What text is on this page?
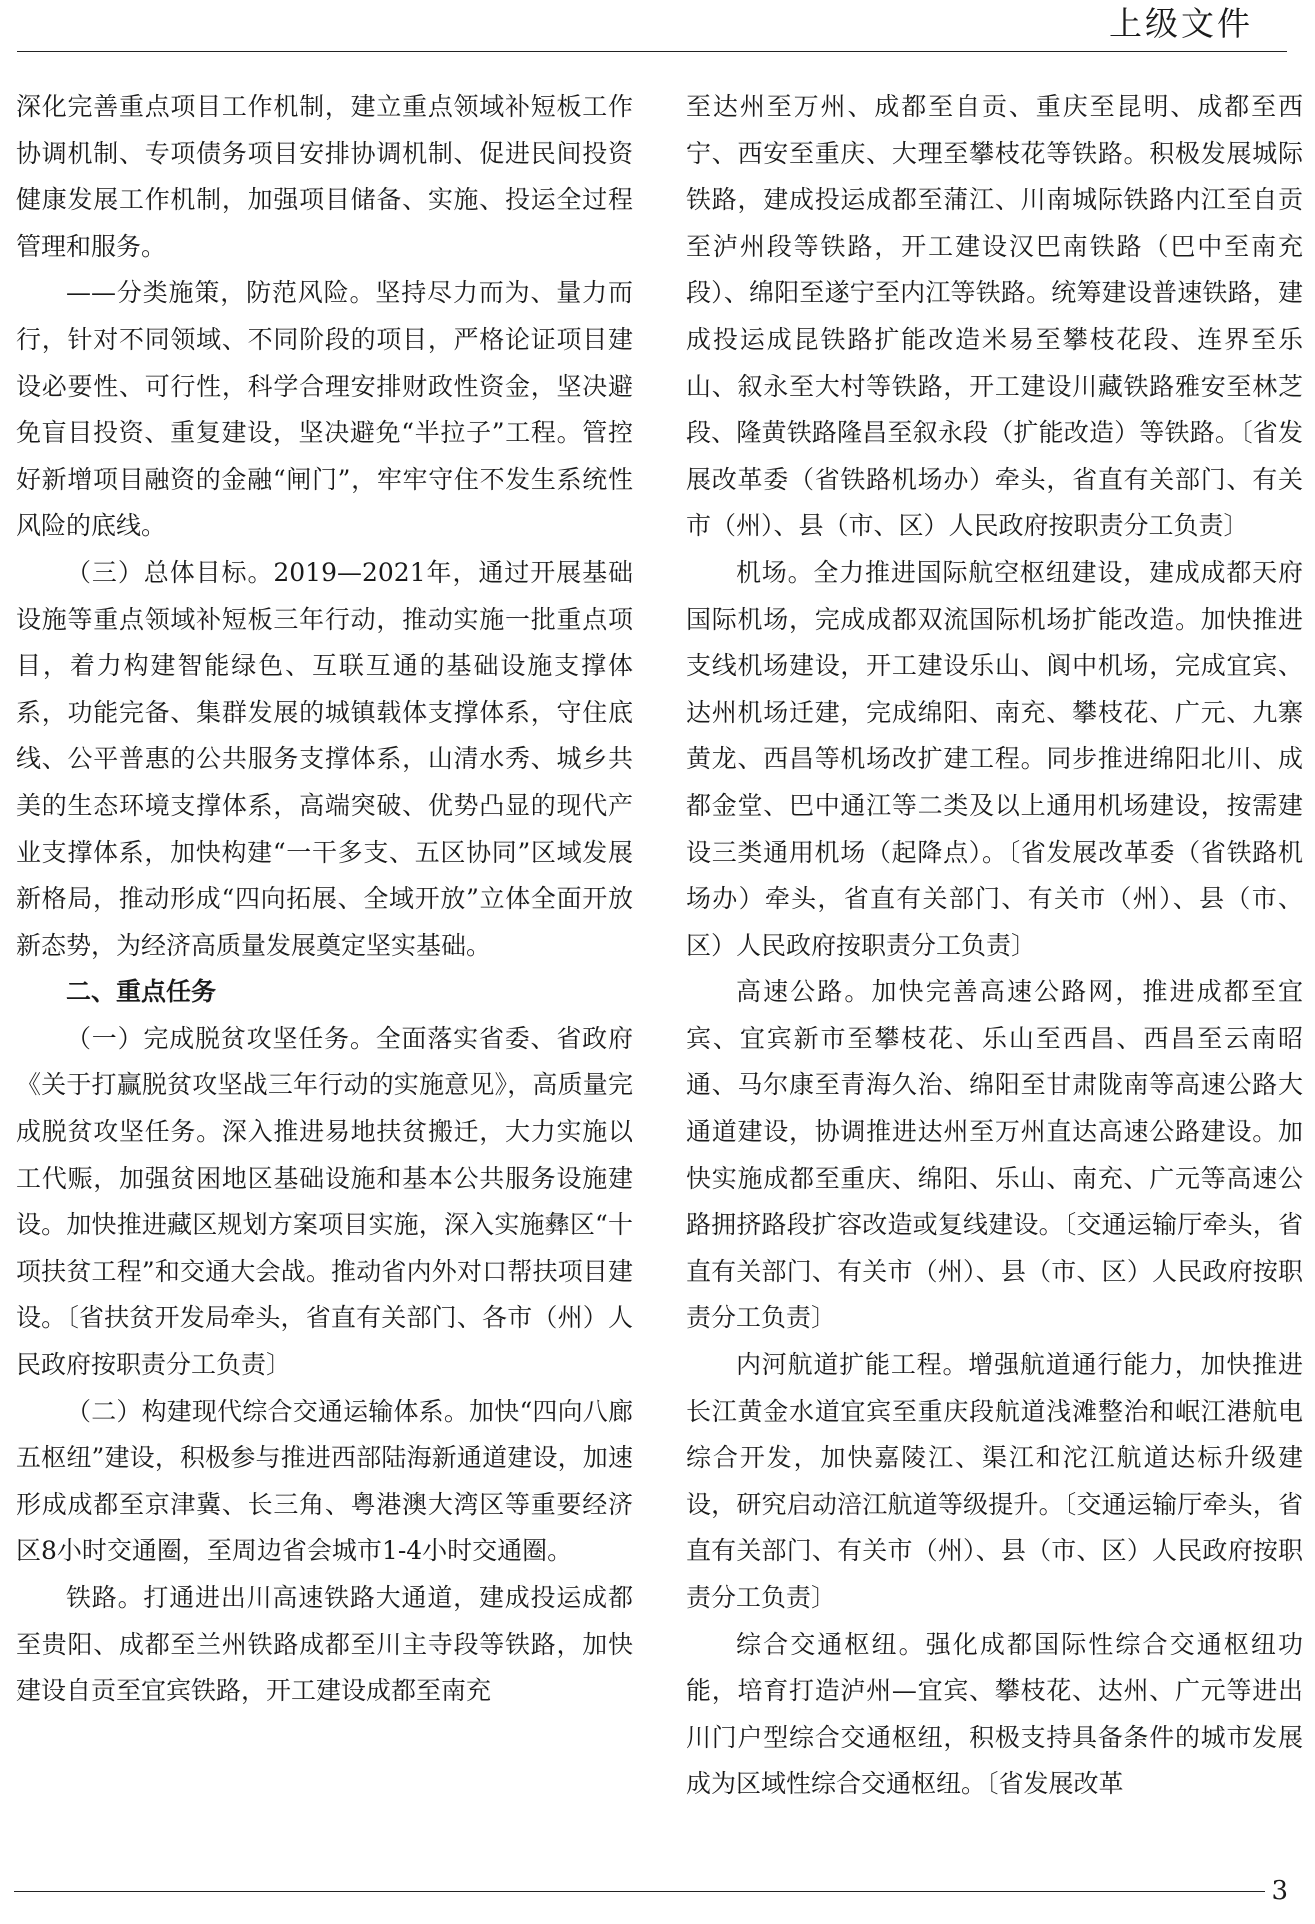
上级文件

深化完善重点项目工作机制，建立重点领域补短板工作协调机制、专项债务项目安排协调机制、促进民间投资健康发展工作机制，加强项目储备、实施、投运全过程管理和服务。

——分类施策，防范风险。坚持尽力而为、量力而行，针对不同领域、不同阶段的项目，严格论证项目建设必要性、可行性，科学合理安排财政性资金，坚决避免盲目投资、重复建设，坚决避免“半拉子”工程。管控好新增项目融资的金融“闸门”，牢牢守住不发生系统性风险的底线。

（三）总体目标。2019—2021年，通过开展基础设施等重点领域补短板三年行动，推动实施一批重点项目，着力构建智能绿色、互联互通的基础设施支撑体系，功能完备、集群发展的城镇载体支撑体系，守住底线、公平普惠的公共服务支撑体系，山清水秀、城乡共美的生态环境支撑体系，高端突破、优势凸显的现代产业支撑体系，加快构建“一干多支、五区协同”区域发展新格局，推动形成“四向拓展、全域开放”立体全面开放新态势，为经济高质量发展奠定坚实基础。

二、重点任务

（一）完成脱贫攻坚任务。全面落实省委、省政府《关于打赢脱贫攻坚战三年行动的实施意见》，高质量完成脱贫攻坚任务。深入推进易地扶贫搬迁，大力实施以工代赈，加强贫困地区基础设施和基本公共服务设施建设。加快推进藏区规划方案项目实施，深入实施彝区“十项扶贫工程”和交通大会战。推动省内外对口帮扶项目建设。〔省扶贫开发局牵头，省直有关部门、各市（州）人民政府按职责分工负责〕

（二）构建现代综合交通运输体系。加快“四向八廊五枢纽”建设，积极参与推进西部陆海新通道建设，加速形成成都至京津冀、长三角、粤港澳大湾区等重要经济区8小时交通圈，至周边省会城市1-4小时交通圈。

铁路。打通进出川高速铁路大通道，建成投运成都至贵阳、成都至兰州铁路成都至川主寺段等铁路，加快建设自贡至宜宾铁路，开工建设成都至南充

至达州至万州、成都至自贡、重庆至昆明、成都至西宁、西安至重庆、大理至攀枝花等铁路。积极发展城际铁路，建成投运成都至蒲江、川南城际铁路内江至自贡至泸州段等铁路，开工建设汉巴南铁路（巴中至南充段）、绵阳至遂宁至内江等铁路。统筹建设普速铁路，建成投运成昆铁路扩能改造米易至攀枝花段、连界至乐山、叙永至大村等铁路，开工建设川藏铁路雅安至林芝段、隆黄铁路隆昌至叙永段（扩能改造）等铁路。〔省发展改革委（省铁路机场办）牵头，省直有关部门、有关市（州）、县（市、区）人民政府按职责分工负责〕

机场。全力推进国际航空枢纽建设，建成成都天府国际机场，完成成都双流国际机场扩能改造。加快推进支线机场建设，开工建设乐山、阆中机场，完成宜宾、达州机场迁建，完成绵阳、南充、攀枝花、广元、九寨黄龙、西昌等机场改扩建工程。同步推进绵阳北川、成都金堂、巴中通江等二类及以上通用机场建设，按需建设三类通用机场（起降点）。〔省发展改革委（省铁路机场办）牵头，省直有关部门、有关市（州）、县（市、区）人民政府按职责分工负责〕

高速公路。加快完善高速公路网，推进成都至宜宾、宜宾新市至攀枝花、乐山至西昌、西昌至云南昭通、马尔康至青海久治、绵阳至甘肃陇南等高速公路大通道建设，协调推进达州至万州直达高速公路建设。加快实施成都至重庆、绵阳、乐山、南充、广元等高速公路拥挤路段扩容改造或复线建设。〔交通运输厅牵头，省直有关部门、有关市（州）、县（市、区）人民政府按职责分工负责〕

内河航道扩能工程。增强航道通行能力，加快推进长江黄金水道宜宾至重庆段航道浅滩整治和岷江港航电综合开发，加快嘉陵江、渠江和沱江航道达标升级建设，研究启动涪江航道等级提升。〔交通运输厅牵头，省直有关部门、有关市（州）、县（市、区）人民政府按职责分工负责〕

综合交通枢纽。强化成都国际性综合交通枢纽功能，培育打造泸州—宜宾、攀枝花、达州、广元等进出川门户型综合交通枢纽，积极支持具备条件的城市发展成为区域性综合交通枢纽。〔省发展改革

3
